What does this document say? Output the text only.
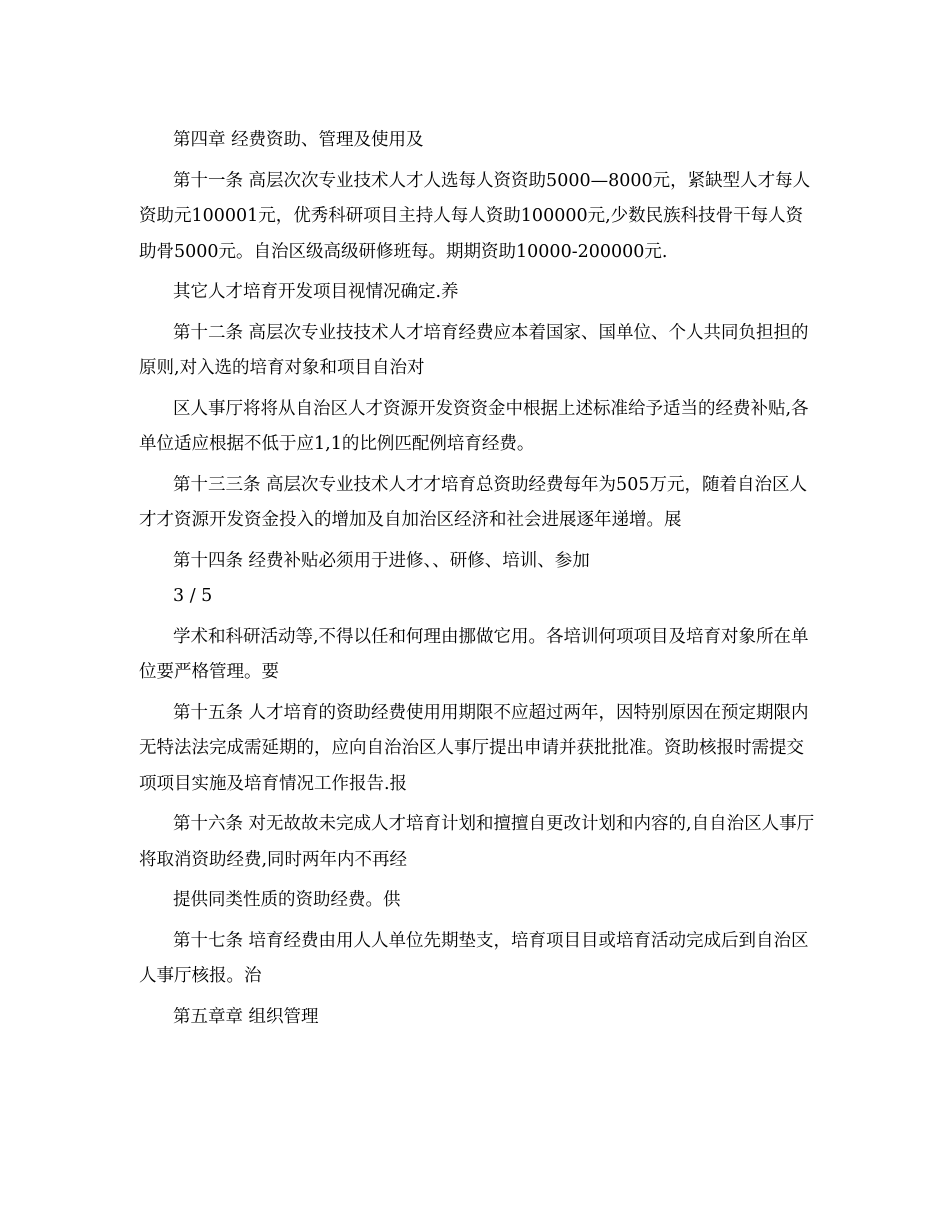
第四章 经费资助、管理及使用及

第十一条 高层次次专业技术人才人选每人资资助5000—8000元，紧缺型人才每人资助元100001元，优秀科研项目主持人每人资助100000元,少数民族科技骨干每人资助骨5000元。自治区级高级研修班每。期期资助10000-200000元.

其它人才培育开发项目视情况确定.养

第十二条 高层次专业技技术人才培育经费应本着国家、国单位、个人共同负担担的原则,对入选的培育对象和项目自治对

区人事厅将将从自治区人才资源开发资资金中根据上述标准给予适当的经费补贴,各单位适应根据不低于应1,1的比例匹配例培育经费。

第十三三条 高层次专业技术人才才培育总资助经费每年为505万元，随着自治区人才才资源开发资金投入的增加及自加治区经济和社会进展逐年递增。展

第十四条 经费补贴必须用于进修、、研修、培训、参加

3 / 5

学术和科研活动等,不得以任和何理由挪做它用。各培训何项项目及培育对象所在单位要严格管理。要

第十五条 人才培育的资助经费使用用期限不应超过两年，因特别原因在预定期限内无特法法完成需延期的，应向自治治区人事厅提出申请并获批批准。资助核报时需提交项项目实施及培育情况工作报告.报

第十六条 对无故故未完成人才培育计划和擅擅自更改计划和内容的,自自治区人事厅将取消资助经费,同时两年内不再经

提供同类性质的资助经费。供

第十七条 培育经费由用人人单位先期垫支，培育项目目或培育活动完成后到自治区人事厅核报。治

第五章章 组织管理
